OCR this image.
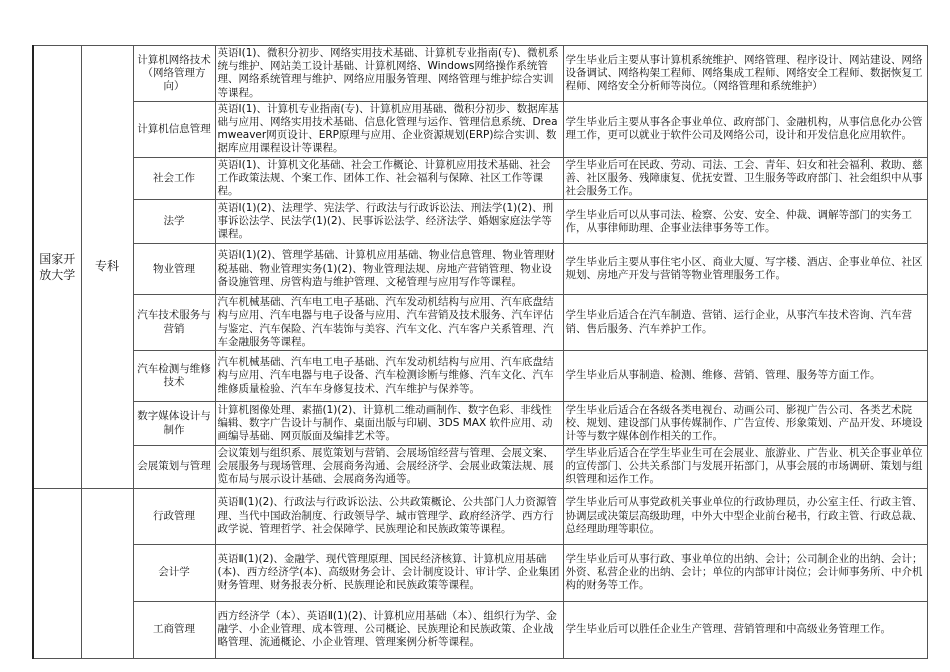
国家开放大学	专科	计算机网络技术（网络管理方向）	英语Ⅰ(1)、微积分初步、网络实用技术基础、计算机专业指南(专)、微机系统与维护、网站美工设计基础、计算机网络、Windows网络操作系统管理、网络系统管理与维护、网络应用服务管理、网络管理与维护综合实训等课程。	学生毕业后主要从事计算机系统维护、网络管理、程序设计、网站建设、网络设备调试、网络构架工程师、网络集成工程师、网络安全工程师、数据恢复工程师、网络安全分析师等岗位。（网络管理和系统维护）

		计算机信息管理	英语Ⅰ(1)、计算机专业指南(专)、计算机应用基础、微积分初步、数据库基础与应用、网络实用技术基础、信息化管理与运作、管理信息系统、Dreamweaver网页设计、ERP原理与应用、企业资源规划(ERP)综合实训、数据库应用课程设计等课程。	学生毕业后主要从事各企事业单位、政府部门、金融机构，从事信息化办公管理工作，更可以就业于软件公司及网络公司，设计和开发信息化应用软件。

		社会工作	英语Ⅰ(1)、计算机文化基础、社会工作概论、计算机应用技术基础、社会工作政策法规、个案工作、团体工作、社会福利与保障、社区工作等课程。	学生毕业后可在民政、劳动、司法、工会、青年、妇女和社会福利、救助、慈善、社区服务、残障康复、优抚安置、卫生服务等政府部门、社会组织中从事社会服务工作。

		法学	英语Ⅰ(1)(2)、法理学、宪法学、行政法与行政诉讼法、刑法学(1)(2)、刑事诉讼法学、民法学(1)(2)、民事诉讼法学、经济法学、婚姻家庭法学等课程。	学生毕业后可以从事司法、检察、公安、安全、仲裁、调解等部门的实务工作，从事律师助理、企事业法律事务等工作。

		物业管理	英语Ⅰ(1)(2)、管理学基础、计算机应用基础、物业信息管理、物业管理财税基础、物业管理实务(1)(2)、物业管理法规、房地产营销管理、物业设备设施管理、房管构造与维护管理、文秘管理与应用写作等课程。	学生毕业后主要从事住宅小区、商业大厦、写字楼、酒店、企事业单位、社区规划、房地产开发与营销等物业管理服务工作。

		汽车技术服务与营销	汽车机械基础、汽车电工电子基础、汽车发动机结构与应用、汽车底盘结构与应用、汽车电器与电子设备与应用、汽车营销及技术服务、汽车评估与鉴定、汽车保险、汽车装饰与美容、汽车文化、汽车客户关系管理、汽车金融服务等课程。	学生毕业后适合在汽车制造、营销、运行企业，从事汽车技术咨询、汽车营销、售后服务、汽车养护工作。

		汽车检测与维修技术	汽车机械基础、汽车电工电子基础、汽车发动机结构与应用、汽车底盘结构与应用、汽车电器与电子设备、汽车检测诊断与维修、汽车文化、汽车维修质量检验、汽车车身修复技术、汽车维护与保养等。	学生毕业后从事制造、检测、维修、营销、管理、服务等方面工作。

		数字媒体设计与制作	计算机图像处理、素描(1)(2)、计算机二维动画制作、数字色彩、非线性编辑、数字广告设计与制作、桌面出版与印刷、3DS MAX 软件应用、动画编导基础、网页版面及编排艺术等。	学生毕业后适合在各级各类电视台、动画公司、影视广告公司、各类艺术院校、规划、建设部门从事传媒制作、广告宣传、形象策划、产品开发、环境设计等与数字媒体创作相关的工作。

		会展策划与管理	会议策划与组织系、展览策划与营销、会展场馆经营与管理、会展文案、会展服务与现场管理、会展商务沟通、会展经济学、会展业政策法规、展览布局与展示设计基础、会展商务沟通等。	学生毕业后适合在学生毕业生可在会展业、旅游业、广告业、机关企事业单位的宣传部门、公共关系部门与发展开拓部门，从事会展的市场调研、策划与组织管理和运作工作。

		行政管理	英语Ⅱ(1)(2)、行政法与行政诉讼法、公共政策概论、公共部门人力资源管理、当代中国政治制度、行政领导学、城市管理学、政府经济学、西方行政学说、管理哲学、社会保障学、民族理论和民族政策等课程。	学生毕业后可从事党政机关事业单位的行政协理员，办公室主任、行政主管、协调层或决策层高级助理，中外大中型企业前台秘书，行政主管、行政总裁、总经理助理等职位。

		会计学	英语Ⅱ(1)(2)、金融学、现代管理原理、国民经济核算、计算机应用基础(本)、西方经济学(本)、高级财务会计、会计制度设计、审计学、企业集团财务管理、财务报表分析、民族理论和民族政策等课程。	学生毕业后可从事行政、事业单位的出纳、会计；公司制企业的出纳、会计；外资、私营企业的出纳、会计；单位的内部审计岗位；会计师事务所、中介机构的财务等工作。

		工商管理	西方经济学（本）、英语Ⅱ(1)(2)、计算机应用基础（本）、组织行为学、金融学、小企业管理、成本管理、公司概论、民族理论和民族政策、企业战略管理、流通概论、小企业管理、管理案例分析等课程。	学生毕业后可以胜任企业生产管理、营销管理和中高级业务管理工作。
